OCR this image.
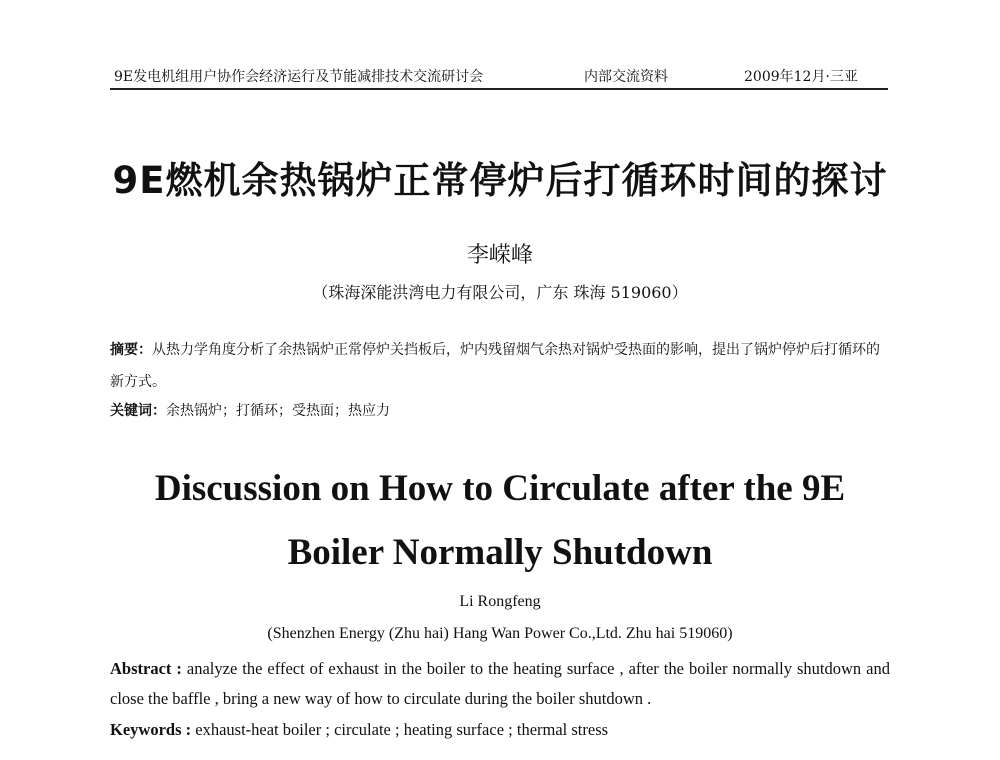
9E发电机组用户协作会经济运行及节能减排技术交流研讨会	内部交流资料	2009年12月·三亚
9E燃机余热锅炉正常停炉后打循环时间的探讨
李嵘峰
（珠海深能洪湾电力有限公司，广东 珠海 519060）
摘要：从热力学角度分析了余热锅炉正常停炉关挡板后，炉内残留烟气余热对锅炉受热面的影响，提出了锅炉停炉后打循环的新方式。
关键词：余热锅炉；打循环；受热面；热应力
Discussion on How to Circulate after the 9E
Boiler Normally Shutdown
Li Rongfeng
(Shenzhen Energy (Zhu hai) Hang Wan Power Co.,Ltd. Zhu hai 519060)
Abstract : analyze the effect of exhaust in the boiler to the heating surface , after the boiler normally shutdown and close the baffle , bring a new way of how to circulate during the boiler shutdown .
Keywords : exhaust-heat boiler ; circulate ; heating surface ; thermal stress
